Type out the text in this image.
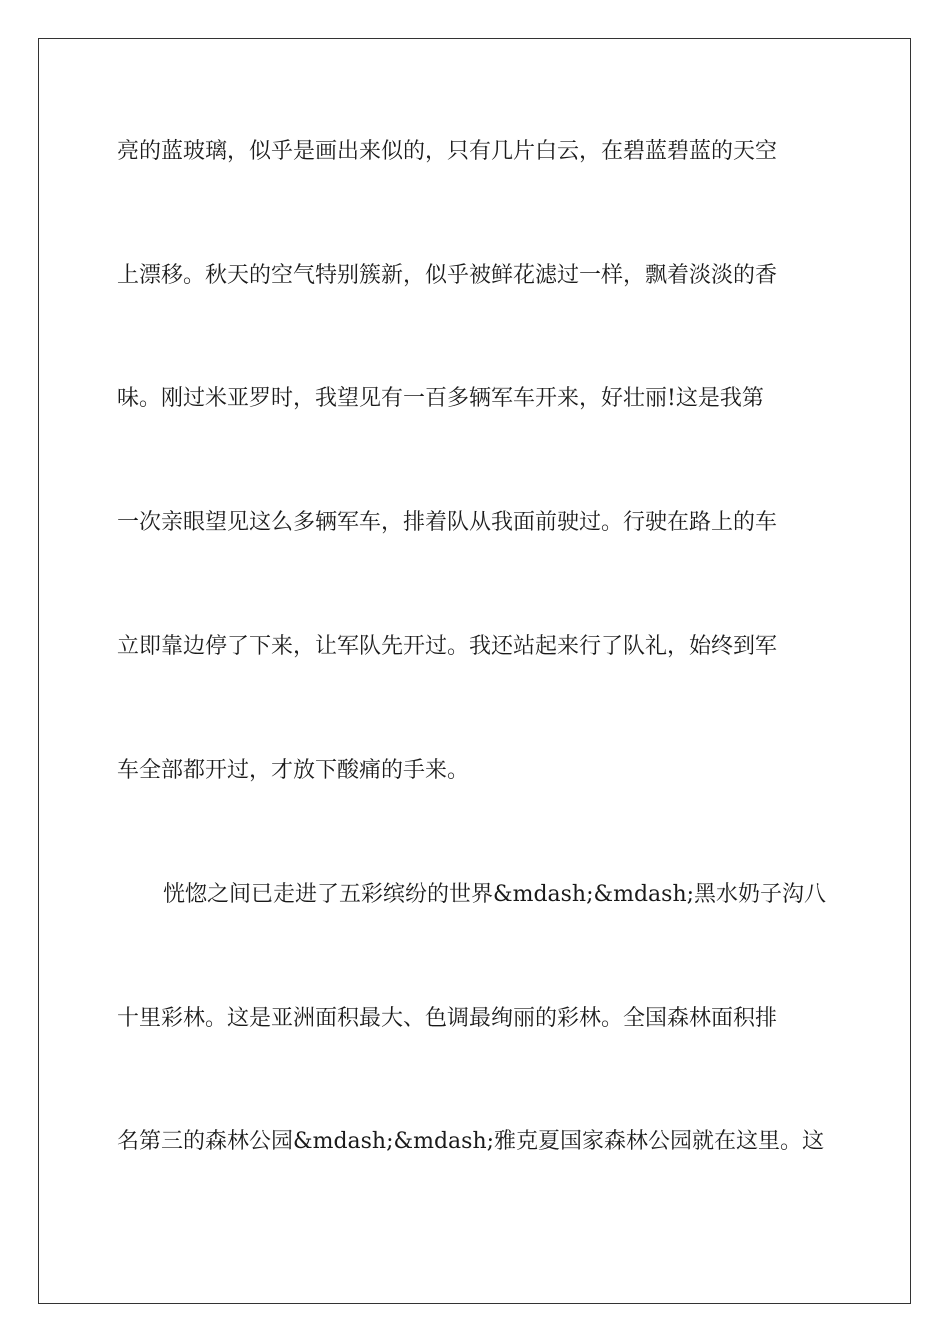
亮的蓝玻璃，似乎是画出来似的，只有几片白云，在碧蓝碧蓝的天空
上漂移。秋天的空气特别簇新，似乎被鲜花滤过一样，飘着淡淡的香
味。刚过米亚罗时，我望见有一百多辆军车开来，好壮丽!这是我第
一次亲眼望见这么多辆军车，排着队从我面前驶过。行驶在路上的车
立即靠边停了下来，让军队先开过。我还站起来行了队礼，始终到军
车全部都开过，才放下酸痛的手来。
恍惚之间已走进了五彩缤纷的世界&mdash;&mdash;黑水奶子沟八
十里彩林。这是亚洲面积最大、色调最绚丽的彩林。全国森林面积排
名第三的森林公园&mdash;&mdash;雅克夏国家森林公园就在这里。这
